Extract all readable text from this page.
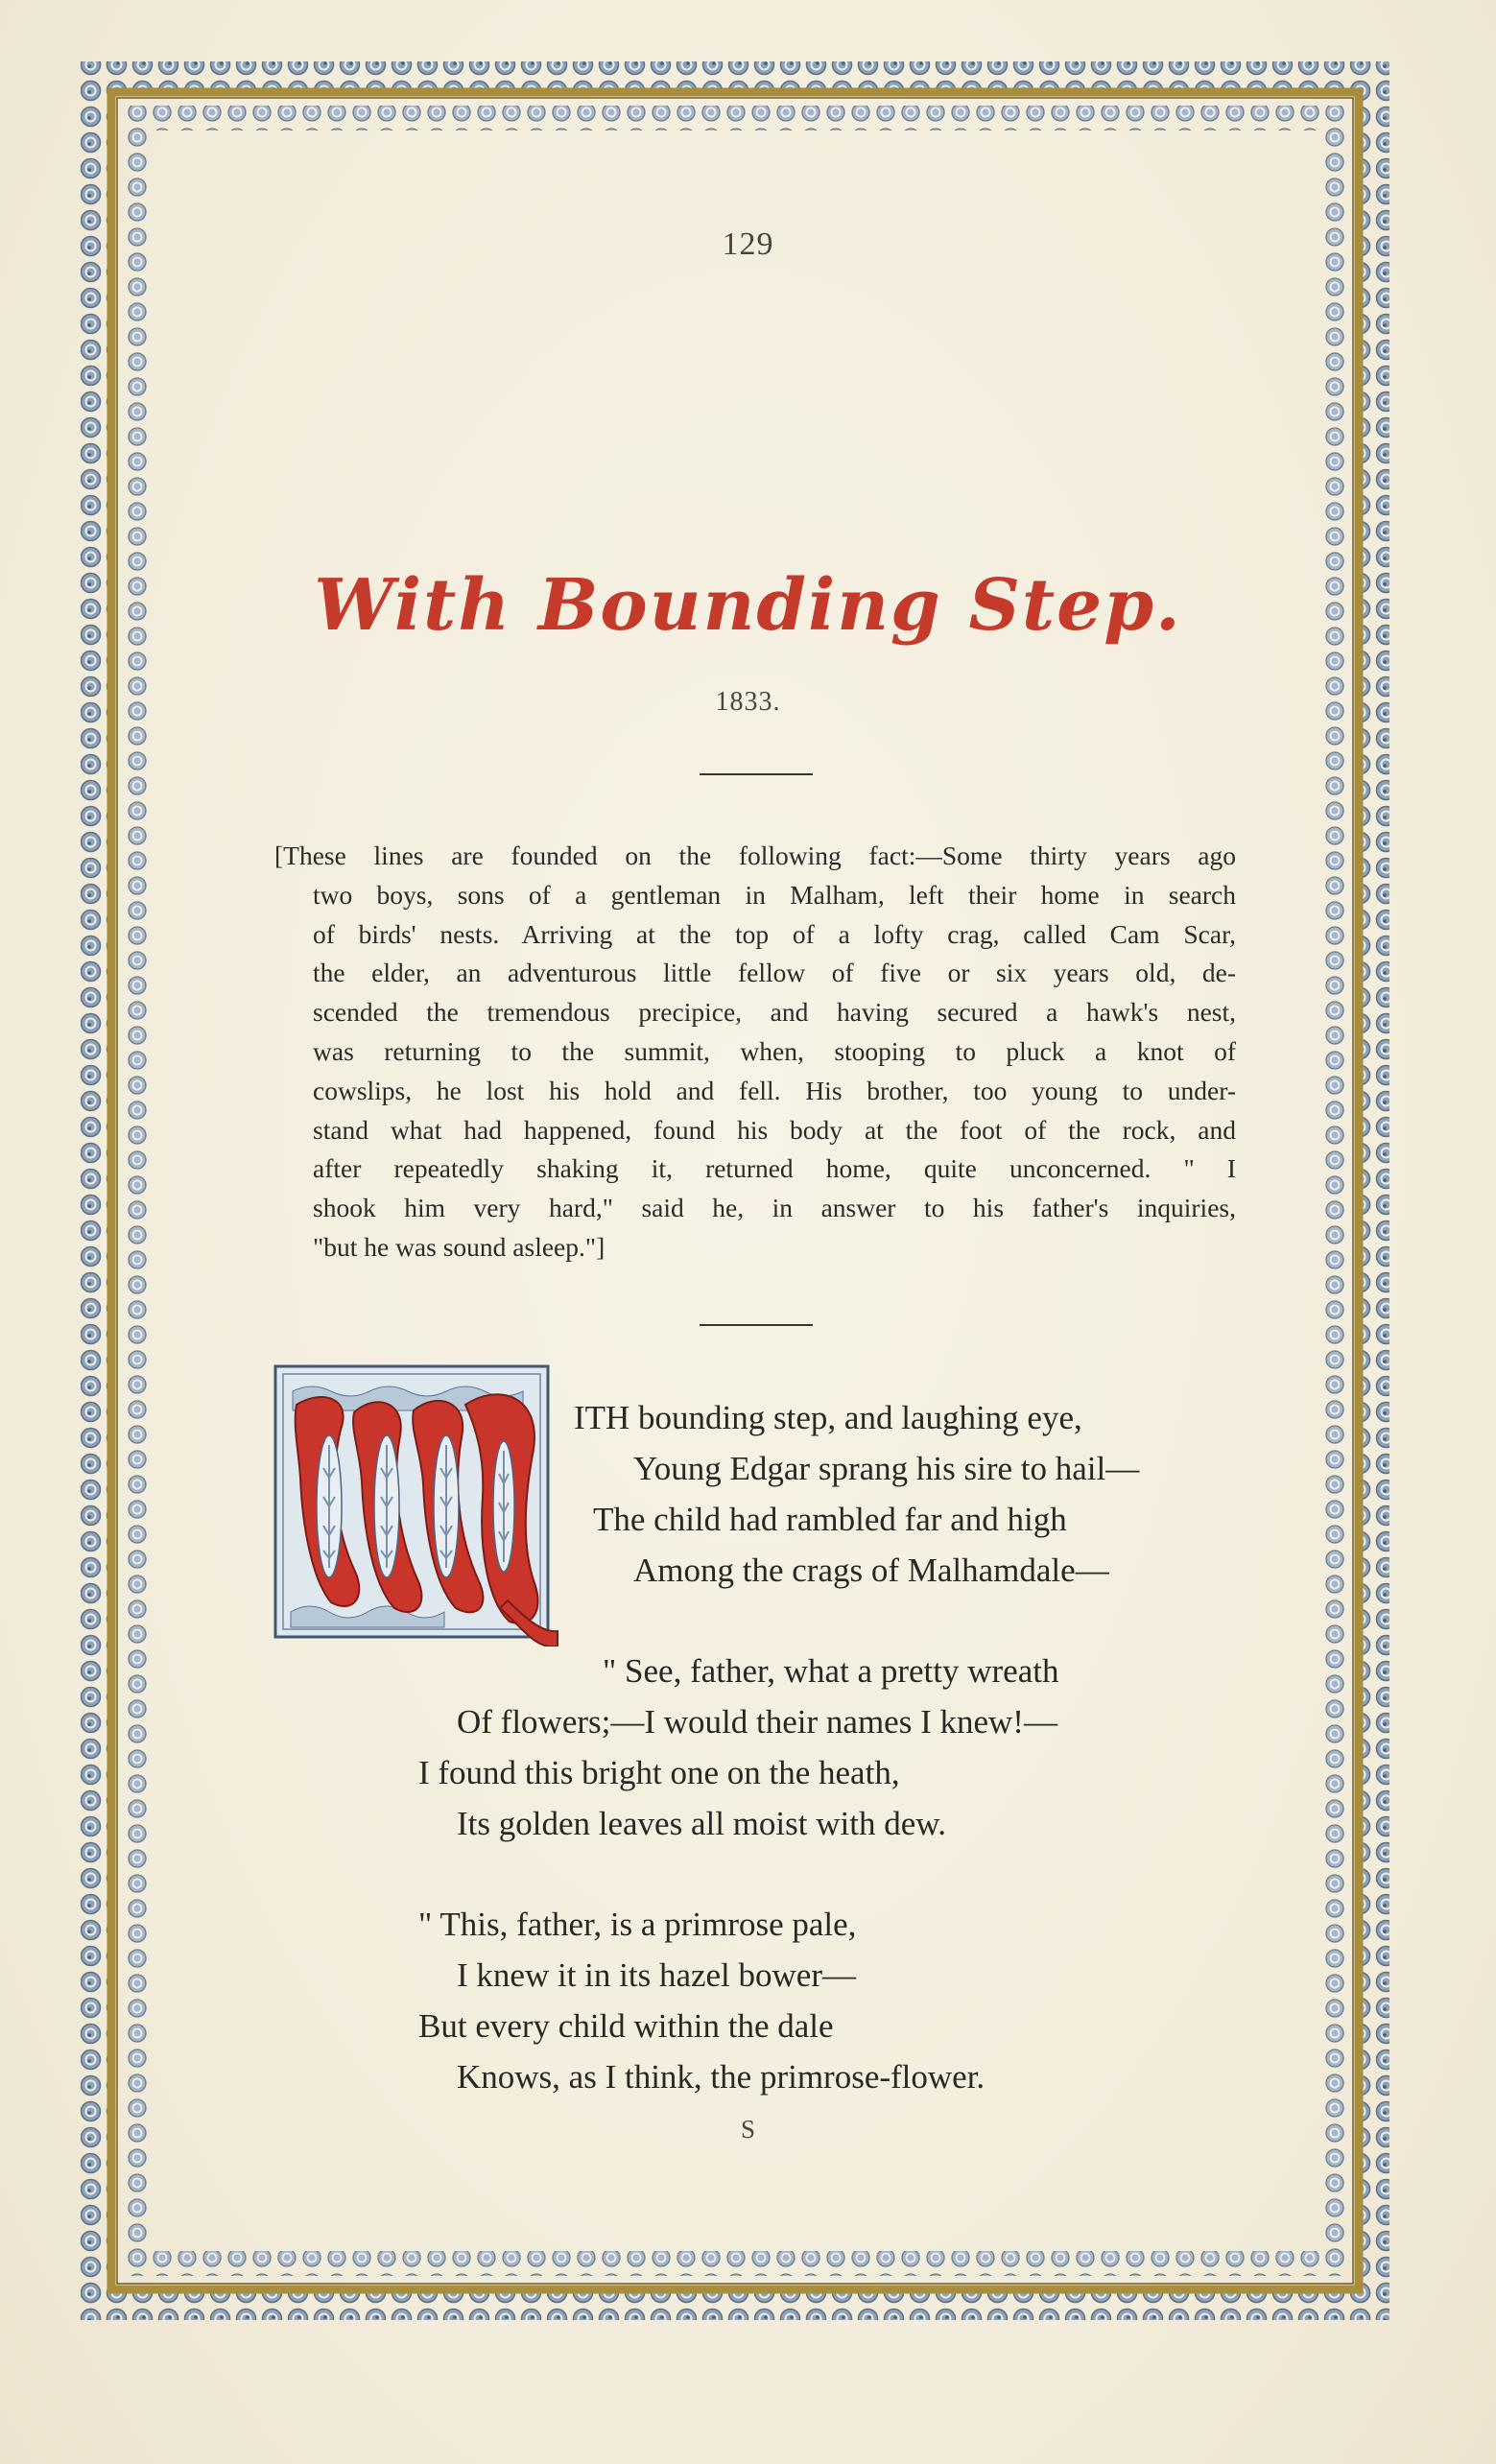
129
With Bounding Step.
1833.
[These lines are founded on the following fact:—Some thirty years ago
two boys, sons of a gentleman in Malham, left their home in search
of birds' nests. Arriving at the top of a lofty crag, called Cam Scar,
the elder, an adventurous little fellow of five or six years old, de-
scended the tremendous precipice, and having secured a hawk's nest,
was returning to the summit, when, stooping to pluck a knot of
cowslips, he lost his hold and fell. His brother, too young to under-
stand what had happened, found his body at the foot of the rock, and
after repeatedly shaking it, returned home, quite unconcerned. " I
shook him very hard," said he, in answer to his father's inquiries,
"but he was sound asleep."]
ITH bounding step, and laughing eye,
Young Edgar sprang his sire to hail—
The child had rambled far and high
Among the crags of Malhamdale—
" See, father, what a pretty wreath
Of flowers;—I would their names I knew!—
I found this bright one on the heath,
Its golden leaves all moist with dew.
" This, father, is a primrose pale,
I knew it in its hazel bower—
But every child within the dale
Knows, as I think, the primrose-flower.
S
